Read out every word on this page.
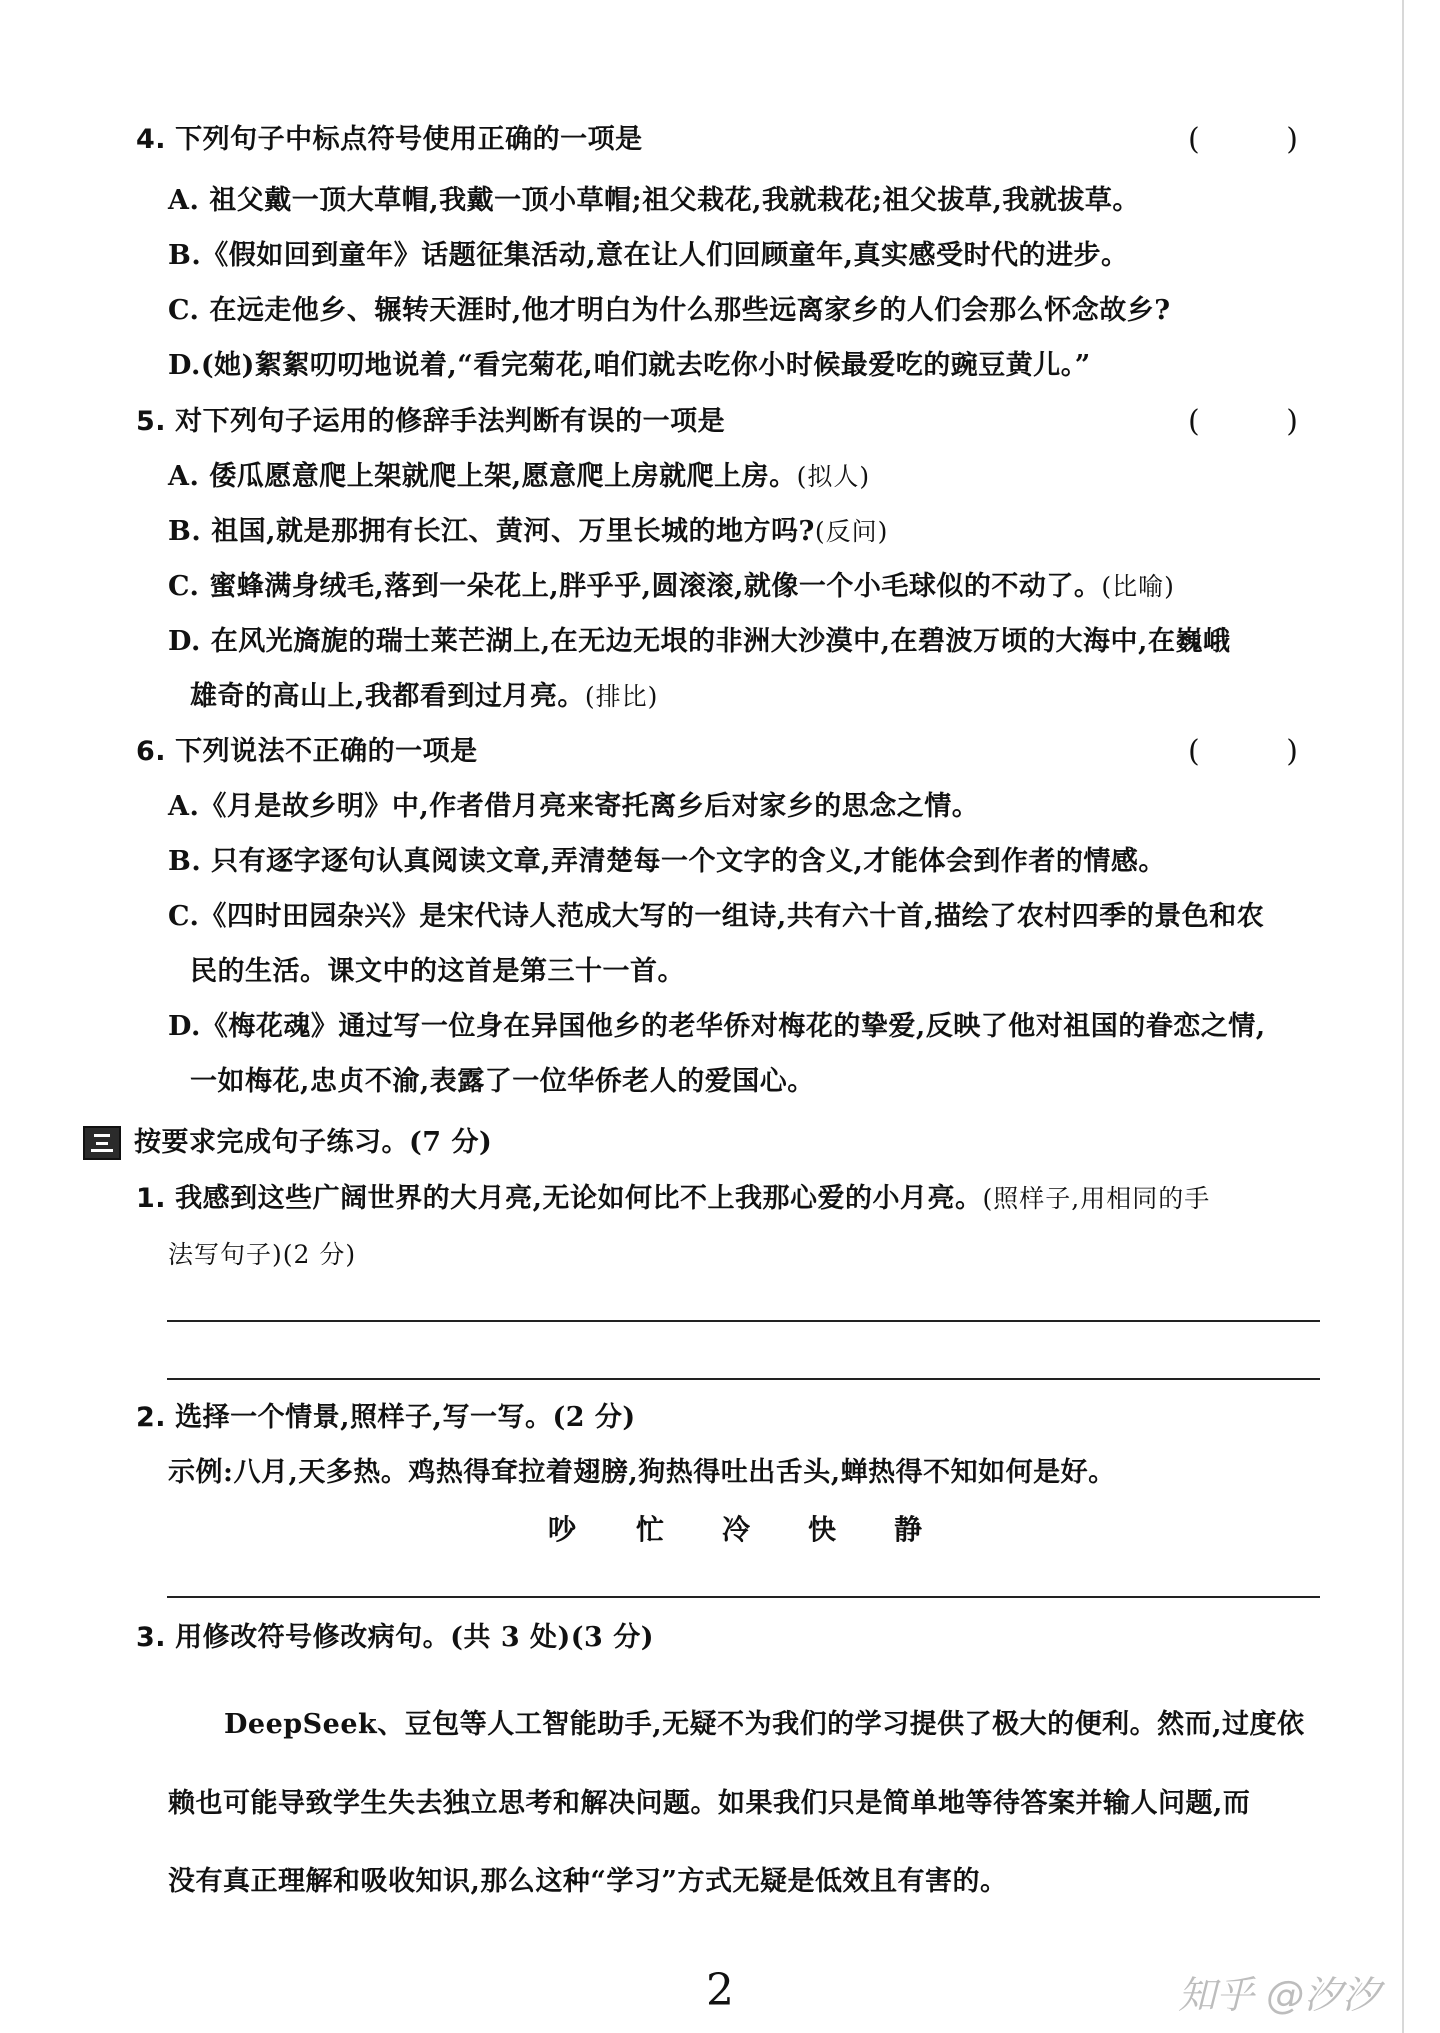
4. 下列句子中标点符号使用正确的一项是	(	)
A. 祖父戴一顶大草帽,我戴一顶小草帽;祖父栽花,我就栽花;祖父拔草,我就拔草。
B.《假如回到童年》话题征集活动,意在让人们回顾童年,真实感受时代的进步。
C. 在远走他乡、辗转天涯时,他才明白为什么那些远离家乡的人们会那么怀念故乡?
D.(她)絮絮叨叨地说着,“看完菊花,咱们就去吃你小时候最爱吃的豌豆黄儿。”
5. 对下列句子运用的修辞手法判断有误的一项是	(	)
A. 倭瓜愿意爬上架就爬上架,愿意爬上房就爬上房。(拟人)
B. 祖国,就是那拥有长江、黄河、万里长城的地方吗?(反问)
C. 蜜蜂满身绒毛,落到一朵花上,胖乎乎,圆滚滚,就像一个小毛球似的不动了。(比喻)
D. 在风光旖旎的瑞士莱芒湖上,在无边无垠的非洲大沙漠中,在碧波万顷的大海中,在巍峨
雄奇的高山上,我都看到过月亮。(排比)
6. 下列说法不正确的一项是	(	)
A.《月是故乡明》中,作者借月亮来寄托离乡后对家乡的思念之情。
B. 只有逐字逐句认真阅读文章,弄清楚每一个文字的含义,才能体会到作者的情感。
C.《四时田园杂兴》是宋代诗人范成大写的一组诗,共有六十首,描绘了农村四季的景色和农
民的生活。课文中的这首是第三十一首。
D.《梅花魂》通过写一位身在异国他乡的老华侨对梅花的挚爱,反映了他对祖国的眷恋之情,
一如梅花,忠贞不渝,表露了一位华侨老人的爱国心。
按要求完成句子练习。(7 分)
1. 我感到这些广阔世界的大月亮,无论如何比不上我那心爱的小月亮。(照样子,用相同的手
法写句子)(2 分)
2. 选择一个情景,照样子,写一写。(2 分)
示例:八月,天多热。鸡热得耷拉着翅膀,狗热得吐出舌头,蝉热得不知如何是好。
吵 忙 冷 快 静
3. 用修改符号修改病句。(共 3 处)(3 分)
DeepSeek、豆包等人工智能助手,无疑不为我们的学习提供了极大的便利。然而,过度依
赖也可能导致学生失去独立思考和解决问题。如果我们只是简单地等待答案并输人问题,而
没有真正理解和吸收知识,那么这种“学习”方式无疑是低效且有害的。
2	知乎 @汐汐
